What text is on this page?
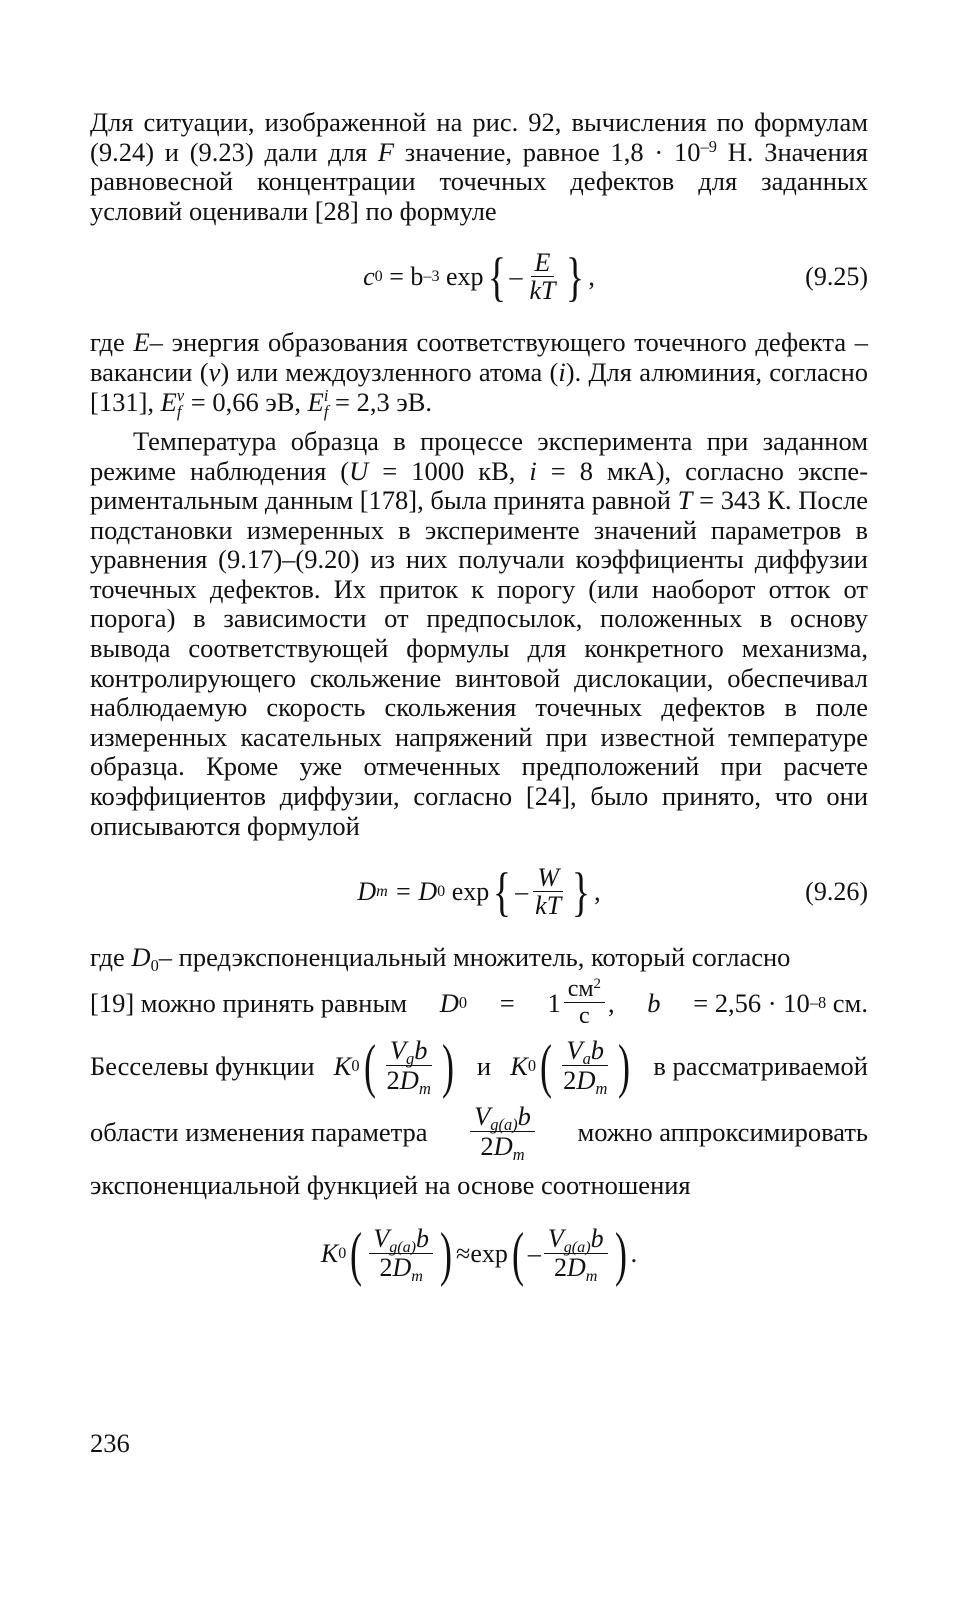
Для ситуации, изображенной на рис. 92, вычисления по формулам (9.24) и (9.23) дали для F значение, равное $1,8 \cdot 10^{-9}$ Н. Значения равновесной концентрации точечных дефектов для заданных условий оценивали [28] по формуле

c 0
= b –3
exp { – $\frac{E}{kT}$ } ,	(9.25)

где E– энергия образования соответствующего точечного дефекта – вакансии (v) или междоузленного атома (i). Для алюминия, согласно [131], E v
f = 0,66 эВ, E i
f = 2,3 эВ.

Температура образца в процессе эксперимента при заданном режиме наблюдения (U = 1000 кВ, i = 8 мкА), согласно экспериментальным данным [178], была принята равной T = 343 К. После подстановки измеренных в эксперименте значений параметров в уравнения (9.17)–(9.20) из них получали коэффициенты диффузии точечных дефектов. Их приток к порогу (или наоборот отток от порога) в зависимости от предпосылок, положенных в основу вывода соответствующей формулы для конкретного механизма, контролирующего скольжение винтовой дислокации, обеспечивал наблюдаемую скорость скольжения точечных дефектов в поле измеренных касательных напряжений при известной температуре образца. Кроме уже отмеченных предположений при расчете коэффициентов диффузии, согласно [24], было принято, что они описываются формулой

D m
= D 0
exp { – $\frac{W}{kT}$ } ,	(9.26)

где $D_0-$ предэкспоненциальный множитель, который согласно

[19] можно принять равным D $0 = 1 \frac{см^2}{с}$ , b = 2,56 · 10 –8
см.
Бесселевы функции K 0 ( $\frac{V_gb}{2D_m}$ ) и K 0 ( $\frac{V_ab}{2D_m}$ ) в рассматриваемой
области изменения параметра $\frac{V_{g(a)}b}{2D_m}$ можно аппроксимировать

экспоненциальной функцией на основе соотношения

K 0 ( $\frac{V_{g(a)}b}{2D_m}$ ) ≈ exp ( – $\frac{V_{g(a)}b}{2D_m}$ ) .
236
